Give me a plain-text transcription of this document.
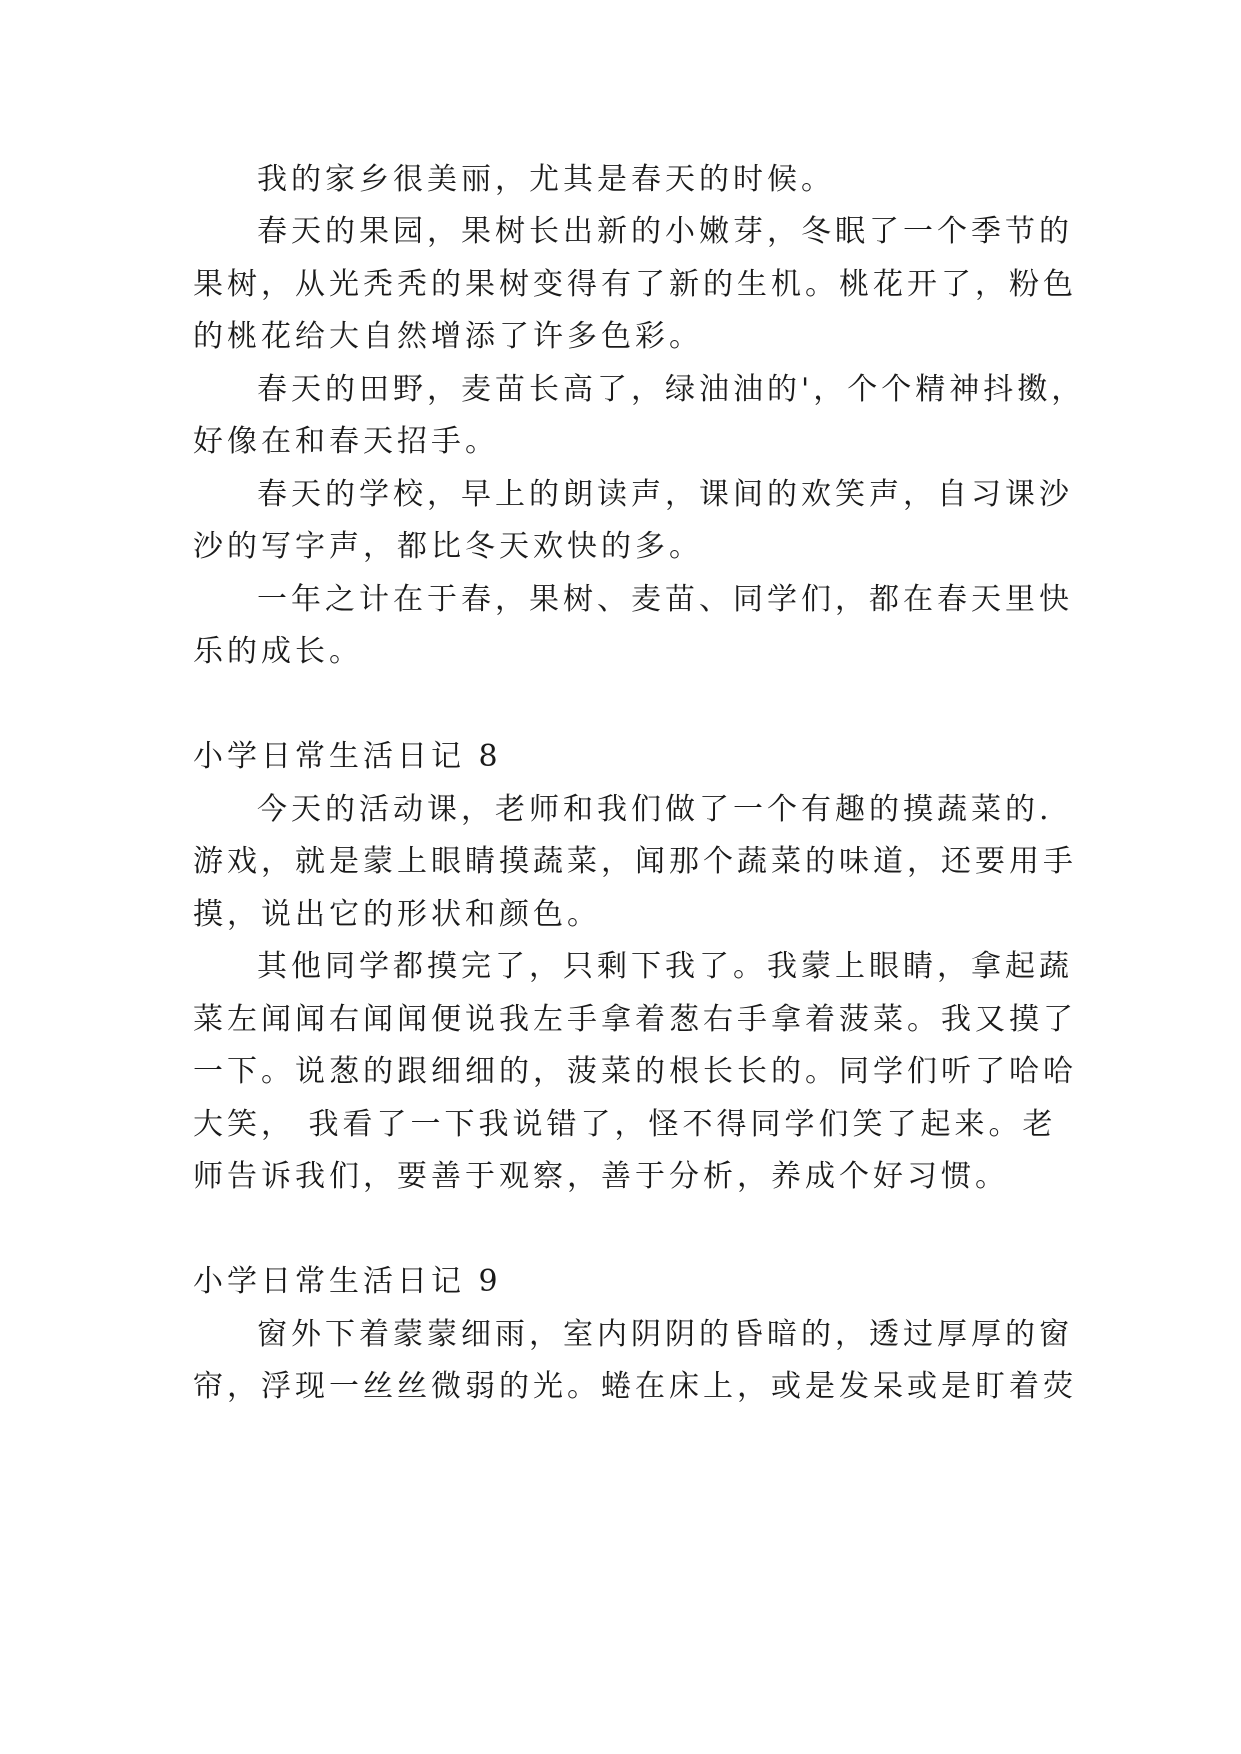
我的家乡很美丽，尤其是春天的时候。
春天的果园，果树长出新的小嫩芽，冬眠了一个季节的
果树，从光秃秃的果树变得有了新的生机。桃花开了，粉色
的桃花给大自然增添了许多色彩。
春天的田野，麦苗长高了，绿油油的'，个个精神抖擞，
好像在和春天招手。
春天的学校，早上的朗读声，课间的欢笑声，自习课沙
沙的写字声，都比冬天欢快的多。
一年之计在于春，果树、麦苗、同学们，都在春天里快
乐的成长。
小学日常生活日记 8
今天的活动课，老师和我们做了一个有趣的摸蔬菜的.
游戏，就是蒙上眼睛摸蔬菜，闻那个蔬菜的味道，还要用手
摸，说出它的形状和颜色。
其他同学都摸完了，只剩下我了。我蒙上眼睛，拿起蔬
菜左闻闻右闻闻便说我左手拿着葱右手拿着菠菜。我又摸了
一下。说葱的跟细细的，菠菜的根长长的。同学们听了哈哈
大笑， 我看了一下我说错了，怪不得同学们笑了起来。老
师告诉我们，要善于观察，善于分析，养成个好习惯。
小学日常生活日记 9
窗外下着蒙蒙细雨，室内阴阴的昏暗的，透过厚厚的窗
帘，浮现一丝丝微弱的光。蜷在床上，或是发呆或是盯着荧
